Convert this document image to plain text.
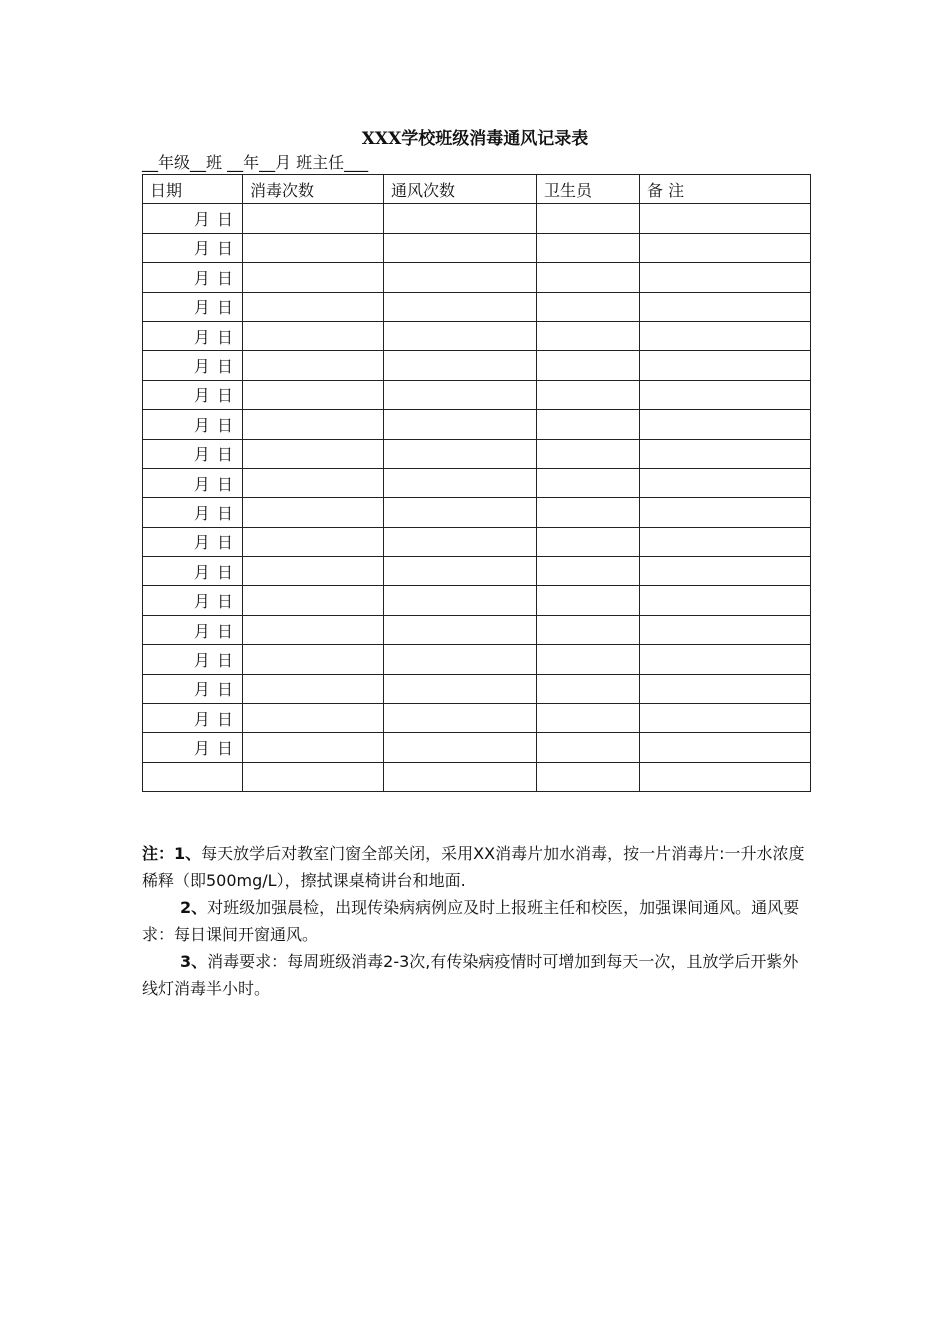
XXX学校班级消毒通风记录表
__年级__班 __年__月 班主任___
日期	消毒次数	通风次数	卫生员	备 注
月 日				
月 日				
月 日				
月 日				
月 日				
月 日				
月 日				
月 日				
月 日				
月 日				
月 日				
月 日				
月 日				
月 日				
月 日				
月 日				
月 日				
月 日				
月 日				

注：1、每天放学后对教室门窗全部关闭，采用XX消毒片加水消毒，按一片消毒片:一升水浓度稀释（即500mg/L），擦拭课桌椅讲台和地面.

2、对班级加强晨检，出现传染病病例应及时上报班主任和校医，加强课间通风。通风要求：每日课间开窗通风。

3、消毒要求：每周班级消毒2-3次,有传染病疫情时可增加到每天一次，且放学后开紫外线灯消毒半小时。
